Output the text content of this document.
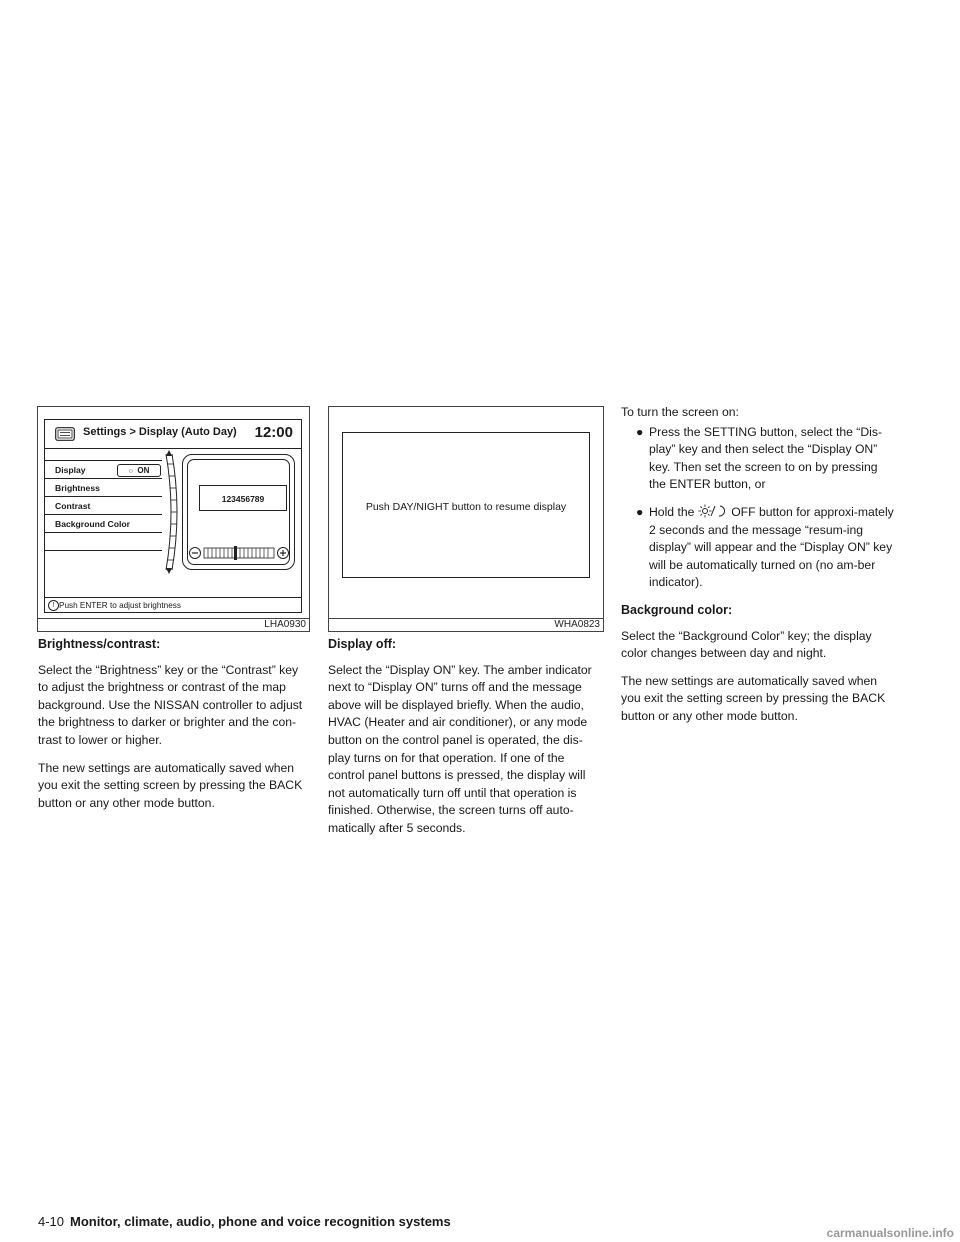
Settings > Display (Auto Day) 12:00
Display	○ ON
Brightness
Contrast
Background Color
123456789
! Push ENTER to adjust brightness
LHA0930
Push DAY/NIGHT button to resume display
WHA0823
Brightness/contrast:

Select the “Brightness” key or the “Contrast” key to adjust the brightness or contrast of the map background. Use the NISSAN controller to adjust the brightness to darker or brighter and the con-trast to lower or higher.

The new settings are automatically saved when you exit the setting screen by pressing the BACK button or any other mode button.

Display off:

Select the “Display ON” key. The amber indicator next to “Display ON” turns off and the message above will be displayed briefly. When the audio, HVAC (Heater and air conditioner), or any mode button on the control panel is operated, the dis-play turns on for that operation. If one of the control panel buttons is pressed, the display will not automatically turn off until that operation is finished. Otherwise, the screen turns off auto-matically after 5 seconds.

To turn the screen on:

● Press the SETTING button, select the “Dis-play” key and then select the “Display ON” key. Then set the screen to on by pressing the ENTER button, or
● Hold the	OFF button for approxi-mately 2 seconds and the message “resum-ing display” will appear and the “Display ON” key will be automatically turned on (no am-ber indicator).
Background color:

Select the “Background Color” key; the display color changes between day and night.

The new settings are automatically saved when you exit the setting screen by pressing the BACK button or any other mode button.

4-10 Monitor, climate, audio, phone and voice recognition systems
carmanualsonline.info
